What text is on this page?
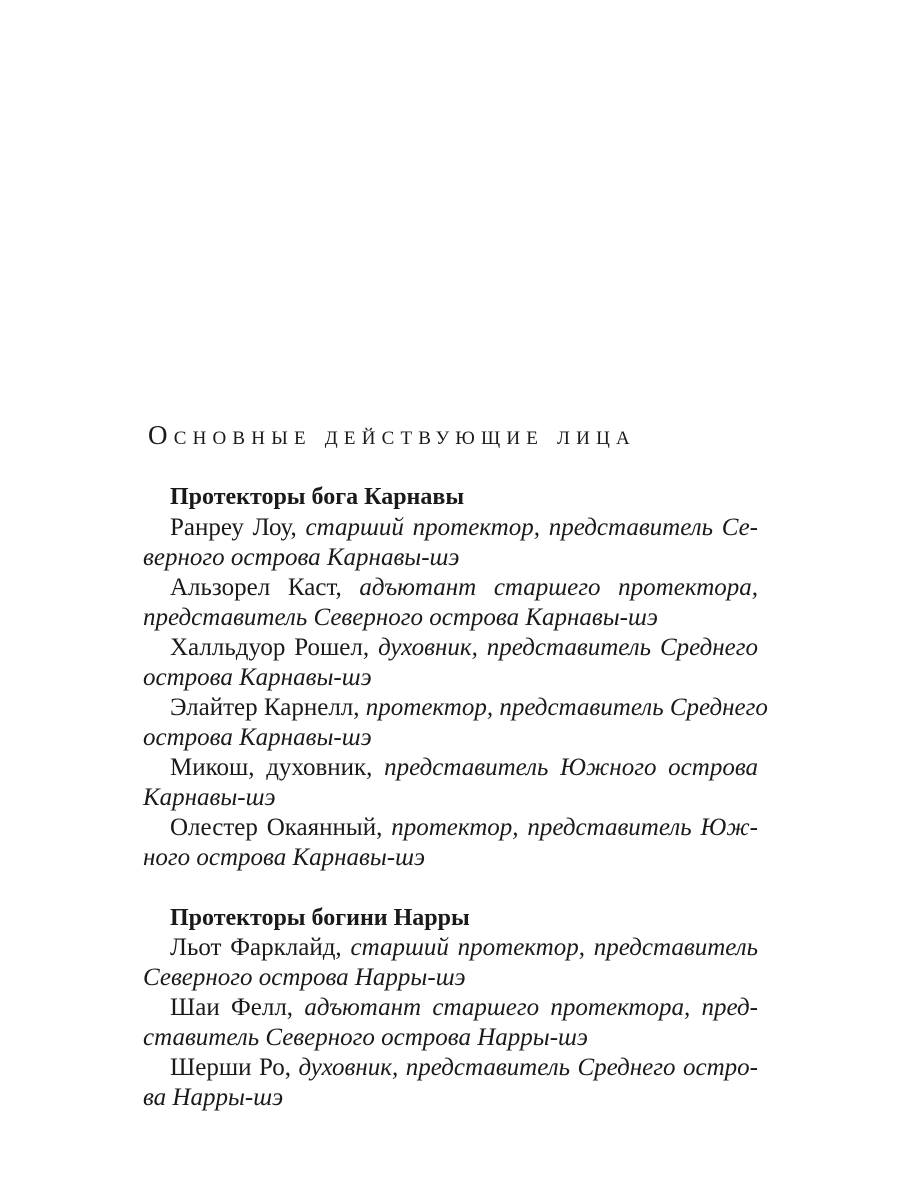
Основные действующие лица
Протекторы бога Карнавы
Ранреу Лоу, старший протектор, представитель Се-
верного острова Карнавы-шэ
Альзорел Каст, адъютант старшего протектора,
представитель Северного острова Карнавы-шэ
Халльдуор Рошел, духовник, представитель Среднего
острова Карнавы-шэ
Элайтер Карнелл, протектор, представитель Среднего
острова Карнавы-шэ
Микош, духовник, представитель Южного острова
Карнавы-шэ
Олестер Окаянный, протектор, представитель Юж-
ного острова Карнавы-шэ
Протекторы богини Нарры
Льот Фарклайд, старший протектор, представитель
Северного острова Нарры-шэ
Шаи Фелл, адъютант старшего протектора, пред-
ставитель Северного острова Нарры-шэ
Шерши Ро, духовник, представитель Среднего остро-
ва Нарры-шэ
